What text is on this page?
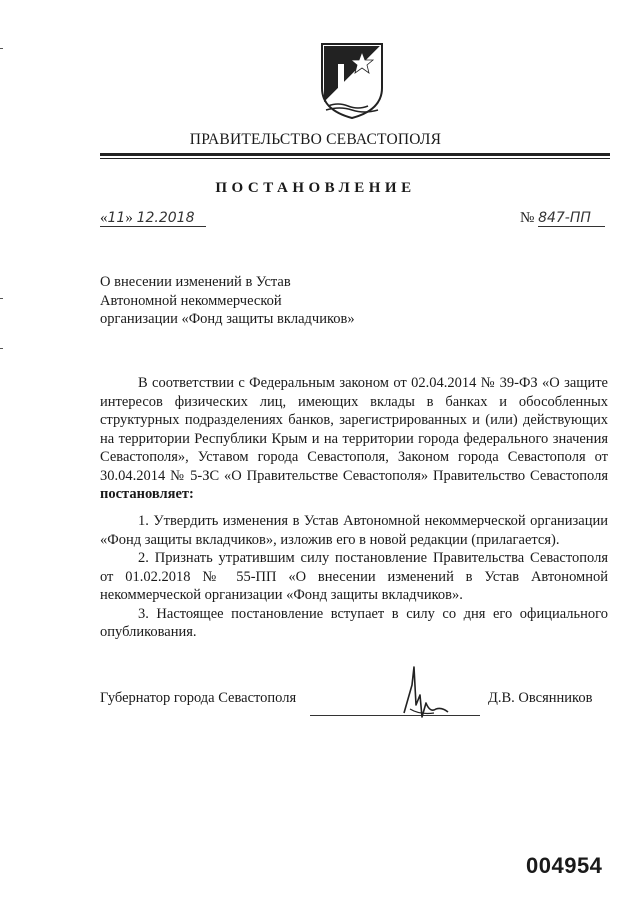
ПРАВИТЕЛЬСТВО СЕВАСТОПОЛЯ
ПОСТАНОВЛЕНИЕ
«11» 12.2018	№ 847-ПП
О внесении изменений в Устав Автономной некоммерческой организации «Фонд защиты вкладчиков»

В соответствии с Федеральным законом от 02.04.2014 № 39-ФЗ «О защите интересов физических лиц, имеющих вклады в банках и обособленных структурных подразделениях банков, зарегистрированных и (или) действующих на территории Республики Крым и на территории города федерального значения Севастополя», Уставом города Севастополя, Законом города Севастополя от 30.04.2014 № 5-ЗС «О Правительстве Севастополя» Правительство Севастополя постановляет:

1. Утвердить изменения в Устав Автономной некоммерческой организации «Фонд защиты вкладчиков», изложив его в новой редакции (прилагается).

2. Признать утратившим силу постановление Правительства Севастополя от 01.02.2018 № 55-ПП «О внесении изменений в Устав Автономной некоммерческой организации «Фонд защиты вкладчиков».

3. Настоящее постановление вступает в силу со дня его официального опубликования.

Губернатор города Севастополя	Д.В. Овсянников
004954
